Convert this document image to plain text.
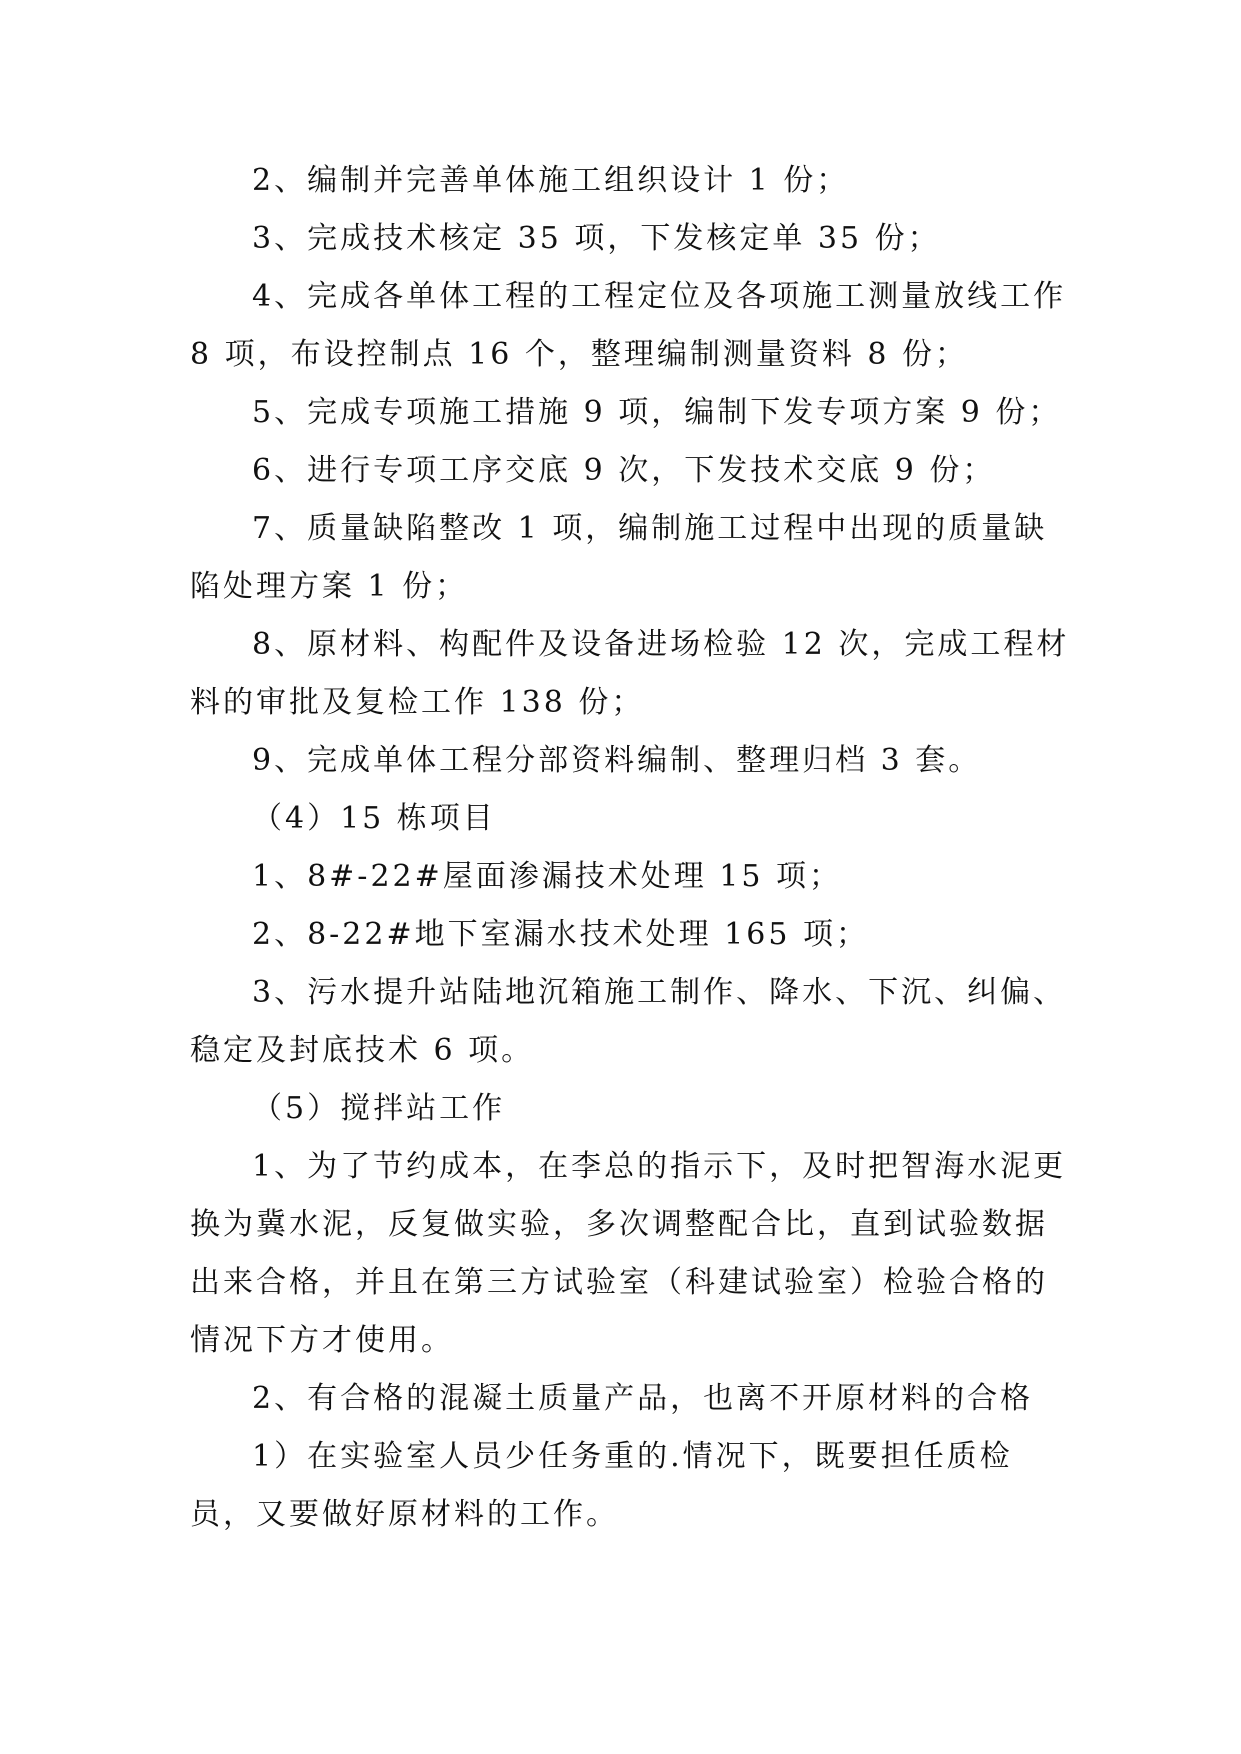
2、编制并完善单体施工组织设计 1 份；

3、完成技术核定 35 项，下发核定单 35 份；

4、完成各单体工程的工程定位及各项施工测量放线工作 8 项，布设控制点 16 个，整理编制测量资料 8 份；

5、完成专项施工措施 9 项，编制下发专项方案 9 份；

6、进行专项工序交底 9 次，下发技术交底 9 份；

7、质量缺陷整改 1 项，编制施工过程中出现的质量缺陷处理方案 1 份；

8、原材料、构配件及设备进场检验 12 次，完成工程材料的审批及复检工作 138 份；

9、完成单体工程分部资料编制、整理归档 3 套。

（4）15 栋项目

1、8#-22#屋面渗漏技术处理 15 项；

2、8-22#地下室漏水技术处理 165 项；

3、污水提升站陆地沉箱施工制作、降水、下沉、纠偏、稳定及封底技术 6 项。

（5）搅拌站工作

1、为了节约成本，在李总的指示下，及时把智海水泥更换为冀水泥，反复做实验，多次调整配合比，直到试验数据出来合格，并且在第三方试验室（科建试验室）检验合格的情况下方才使用。

2、有合格的混凝土质量产品，也离不开原材料的合格

1）在实验室人员少任务重的.情况下，既要担任质检员，又要做好原材料的工作。
